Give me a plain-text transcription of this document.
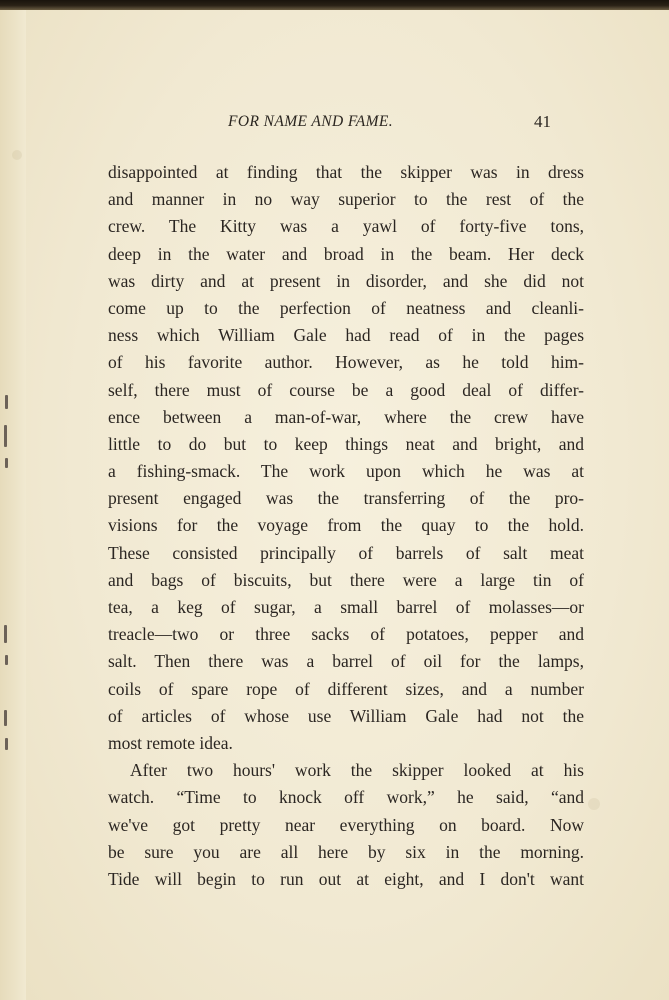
FOR NAME AND FAME.	41
disappointed at finding that the skipper was in dress
and manner in no way superior to the rest of the
crew. The Kitty was a yawl of forty-five tons,
deep in the water and broad in the beam. Her deck
was dirty and at present in disorder, and she did not
come up to the perfection of neatness and cleanli-
ness which William Gale had read of in the pages
of his favorite author. However, as he told him-
self, there must of course be a good deal of differ-
ence between a man-of-war, where the crew have
little to do but to keep things neat and bright, and
a fishing-smack. The work upon which he was at
present engaged was the transferring of the pro-
visions for the voyage from the quay to the hold.
These consisted principally of barrels of salt meat
and bags of biscuits, but there were a large tin of
tea, a keg of sugar, a small barrel of molasses—or
treacle—two or three sacks of potatoes, pepper and
salt. Then there was a barrel of oil for the lamps,
coils of spare rope of different sizes, and a number
of articles of whose use William Gale had not the
most remote idea.
After two hours' work the skipper looked at his
watch. “Time to knock off work,” he said, “and
we've got pretty near everything on board. Now
be sure you are all here by six in the morning.
Tide will begin to run out at eight, and I don't want
